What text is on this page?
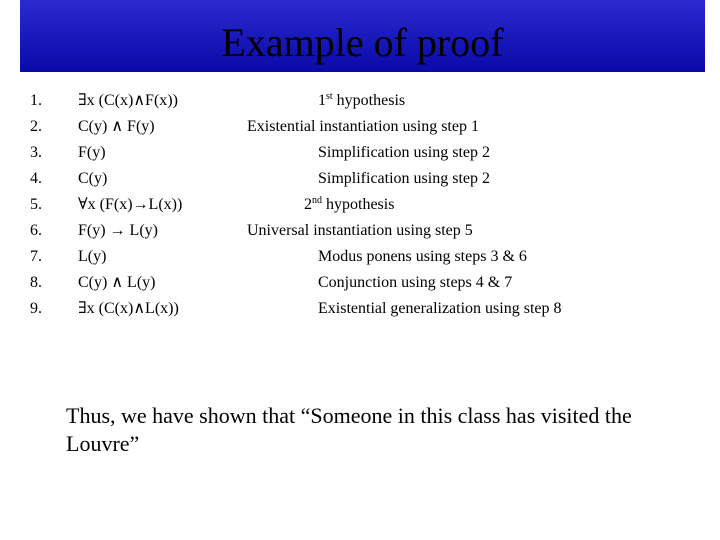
Example of proof
1. ∃x (C(x)∧F(x))	1st hypothesis
2. C(y) ∧ F(y)	Existential instantiation using step 1
3. F(y)	Simplification using step 2
4. C(y)	Simplification using step 2
5. ∀x (F(x)→L(x))	2nd hypothesis
6. F(y) → L(y)	Universal instantiation using step 5
7. L(y)	Modus ponens using steps 3 & 6
8. C(y) ∧ L(y)	Conjunction using steps 4 & 7
9. ∃x (C(x)∧L(x))	Existential generalization using step 8
Thus, we have shown that “Someone in this class has visited the Louvre”
